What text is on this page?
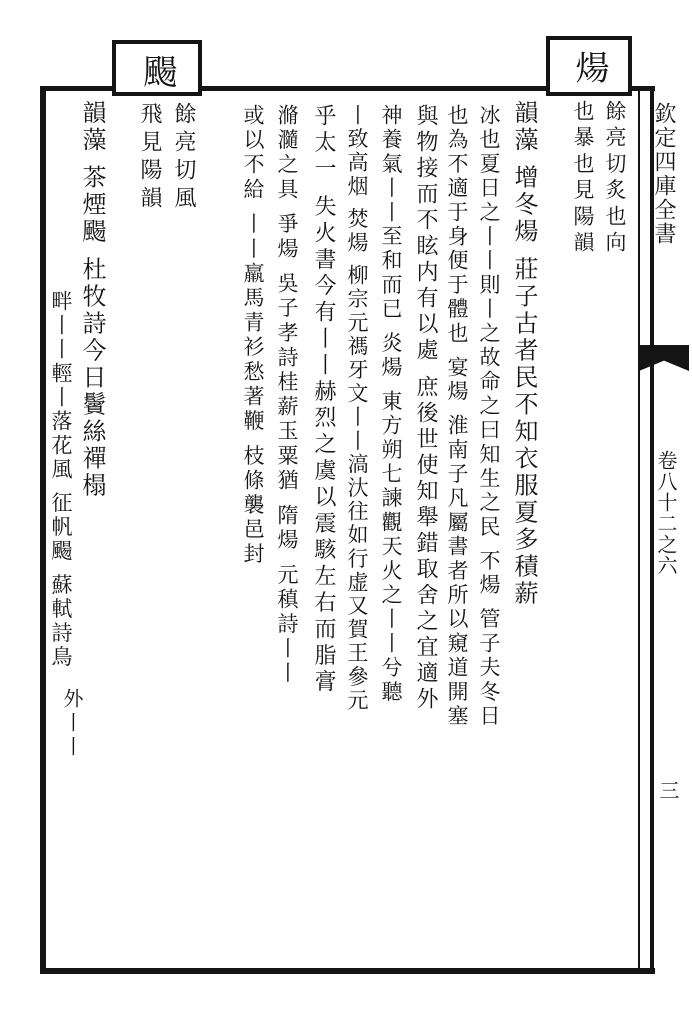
颺	煬
欽定四庫全書
卷八十二之六
三
餘亮切炙也向
也暴也見陽韻
韻藻 增冬煬 莊子古者民不知衣服夏多積薪
冰也夏日之丨丨則丨之故命之曰知生之民 不煬 管子夫冬日
也為不適于身便于體也 宴煬 淮南子凡屬書者所以窺道開塞
與物接而不眩内有以處 庶後世使知舉錯取舍之宜適外
神養氣丨丨至和而已 炎煬 東方朔七諫觀天火之丨丨兮聽
丨致高烟 焚煬 柳宗元禡牙文丨丨滈汏往如行虚又賀王參元
乎太一 失火書今有丨丨赫烈之虞以震駭左右而脂膏
滫瀡之具 爭煬 吳子孝詩桂薪玉粟猶 隋煬 元稹詩丨丨
或以不給 丨丨羸馬青衫愁著鞭 枝條襲邑封
餘亮切風
飛見陽韻
韻藻 茶煙颺 杜牧詩今日鬢絲禪榻
畔丨丨輕丨落花風 征帆颺 蘇軾詩鳥
外丨丨
